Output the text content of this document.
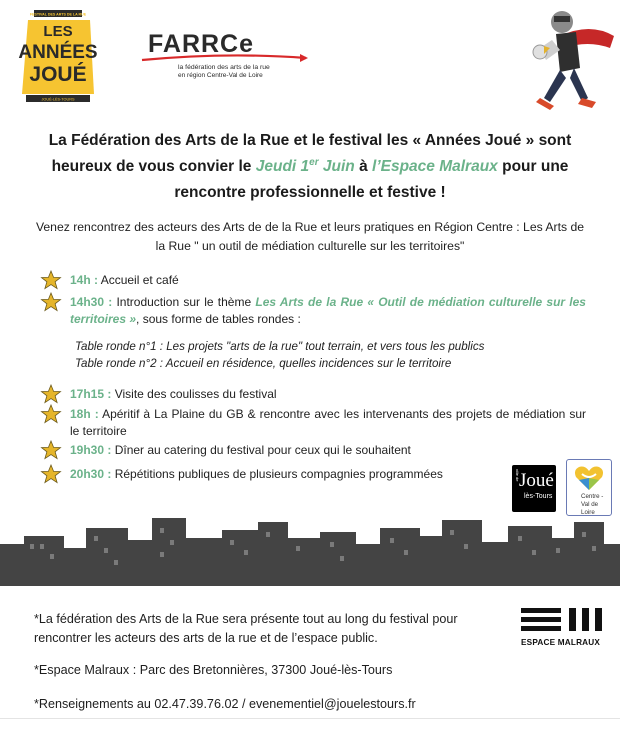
FESTIVAL DES ARTS DE LA RUE
LES
ANNÉES
JOUÉ
JOUÉ-LÈS-TOURS
FARRCe
la fédération des arts de la rue
en région Centre-Val de Loire
La Fédération des Arts de la Rue et le festival les « Années Joué » sont heureux de vous convier le Jeudi 1er Juin à l’Espace Malraux pour une rencontre professionnelle et festive !
Venez rencontrez des acteurs des Arts de de la Rue et leurs pratiques en Région Centre : Les Arts de la Rue " un outil de médiation culturelle sur les territoires"
14h : Accueil et café
14h30 : Introduction sur le thème Les Arts de la Rue « Outil de médiation culturelle sur les territoires », sous forme de tables rondes :
Table ronde n°1 : Les projets "arts de la rue" tout terrain, et vers tous les publics
Table ronde n°2 : Accueil en résidence, quelles incidences sur le territoire
17h15 : Visite des coulisses du festival
18h : Apéritif à La Plaine du GB & rencontre avec les intervenants des projets de médiation sur le territoire
19h30 : Dîner au catering du festival pour ceux qui le souhaitent
20h30 : Répétitions publiques de plusieurs compagnies programmées	ville de Joué
lès-Tours	Centre -
Val de Loire
*La fédération des Arts de la Rue sera présente tout au long du festival pour rencontrer les acteurs des arts de la rue et de l’espace public.
*Espace Malraux : Parc des Bretonnières, 37300 Joué-lès-Tours
*Renseignements au 02.47.39.76.02 / evenementiel@jouelestours.fr
ESPACE MALRAUX
